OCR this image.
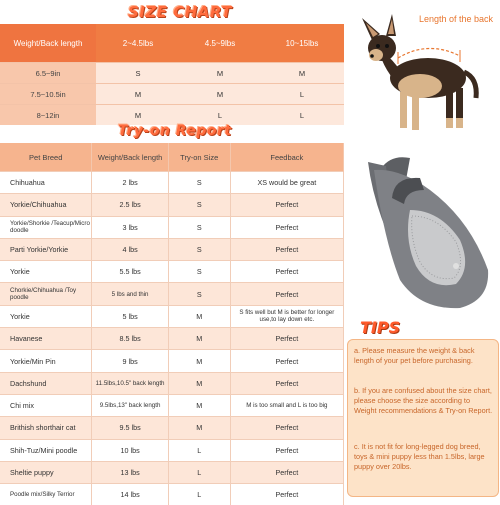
SIZE CHART
Weight/Back length	2~4.5lbs	4.5~9lbs	10~15lbs
6.5~9in	S	M	M
7.5~10.5in	M	M	L
8~12in	M	L	L
Try-on Report
Pet Breed	Weight/Back length	Try-on Size	Feedback
Chihuahua	2 lbs	S	XS would be great
Yorkie/Chihuahua	2.5 lbs	S	Perfect
Yorkie/Shorkie /Teacup/Micro doodle	3 lbs	S	Perfect
Parti Yorkie/Yorkie	4 lbs	S	Perfect
Yorkie	5.5 lbs	S	Perfect
Chorkie/Chihuahua /Toy poodle	5 lbs and thin	S	Perfect
Yorkie	5 lbs	M	S fits well but M is better for longer use,to lay down etc.
Havanese	8.5 lbs	M	Perfect
Yorkie/Min Pin	9 lbs	M	Perfect
Dachshund	11.5lbs,10.5" back length	M	Perfect
Chi mix	9.5lbs,13" back length	M	M is too small and L is too big
Brithish shorthair cat	9.5 lbs	M	Perfect
Shih-Tuz/Mini poodle	10 lbs	L	Perfect
Sheltie puppy	13 lbs	L	Perfect
Poodle mix/Silky Terrior	14 lbs	L	Perfect
Length of the back
TIPS
a. Please measure the weight & back length of your pet before purchasing.
b. If you are confused about the size chart, please choose the size according to Weight recommendations & Try-on Report.
c. It is not fit for long-legged dog breed, toys & mini puppy less than 1.5lbs, large puppy over 20lbs.
